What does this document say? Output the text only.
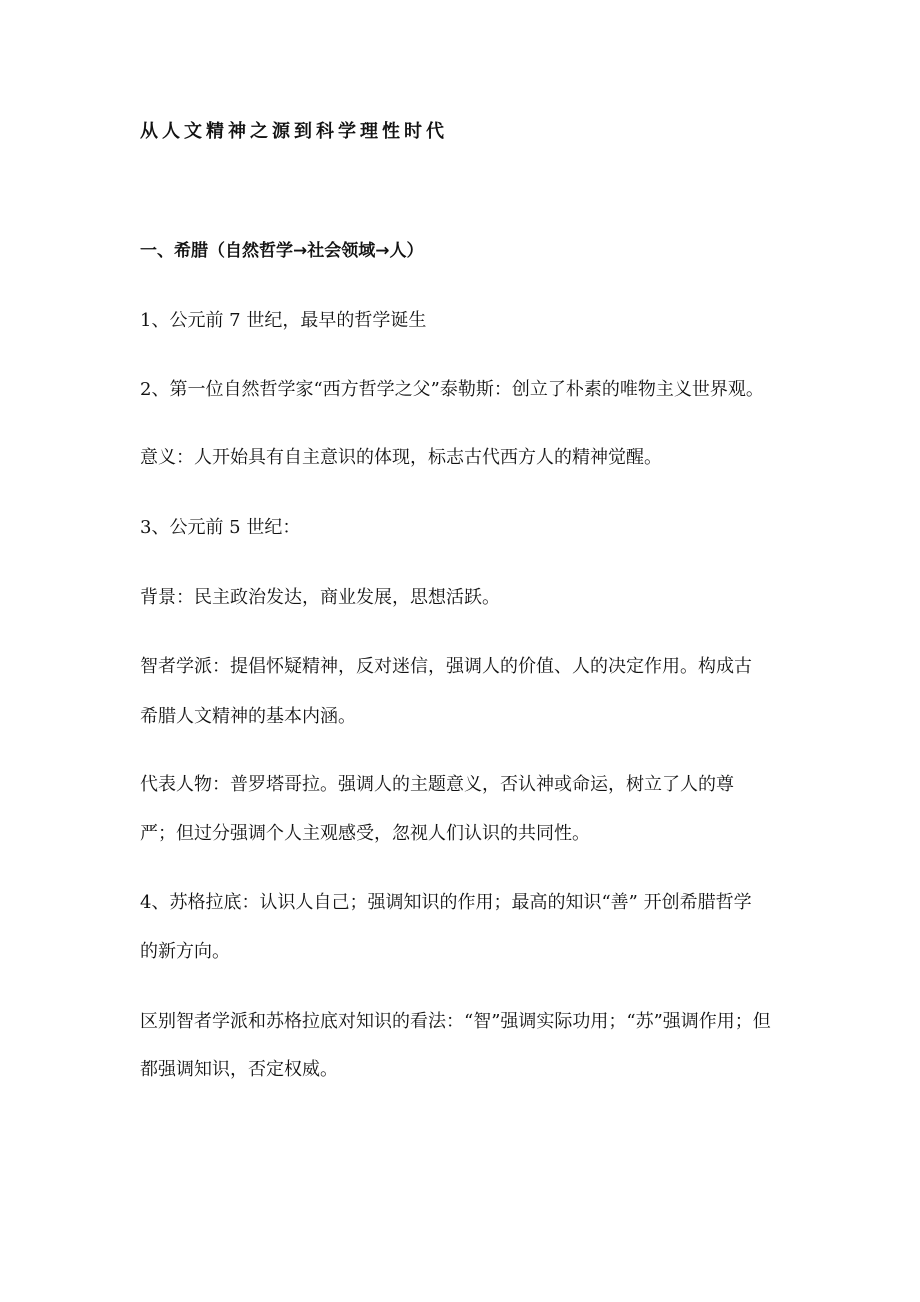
从人文精神之源到科学理性时代
一、希腊（自然哲学→社会领域→人）
1、公元前 7 世纪，最早的哲学诞生
2、第一位自然哲学家“西方哲学之父”泰勒斯：创立了朴素的唯物主义世界观。
意义：人开始具有自主意识的体现，标志古代西方人的精神觉醒。
3、公元前 5 世纪：
背景：民主政治发达，商业发展，思想活跃。
智者学派：提倡怀疑精神，反对迷信，强调人的价值、人的决定作用。构成古
希腊人文精神的基本内涵。
代表人物：普罗塔哥拉。强调人的主题意义，否认神或命运，树立了人的尊
严；但过分强调个人主观感受，忽视人们认识的共同性。
4、苏格拉底：认识人自己；强调知识的作用；最高的知识“善” 开创希腊哲学
的新方向。
区别智者学派和苏格拉底对知识的看法：“智”强调实际功用；“苏”强调作用；但
都强调知识，否定权威。
